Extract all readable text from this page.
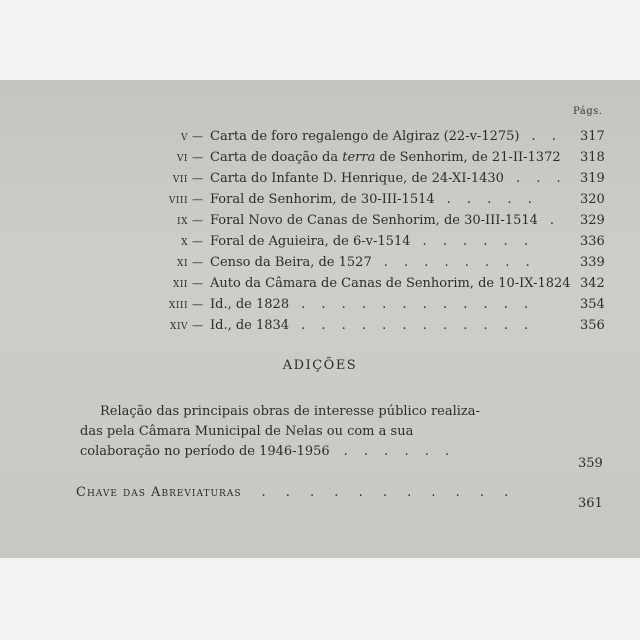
Págs.
v — Carta de foro regalengo de Algiraz (22-v-1275) . . 317
vi — Carta de doação da terra de Senhorim, de 21-II-1372 318
vii — Carta do Infante D. Henrique, de 24-XI-1430 . . . 319
viii — Foral de Senhorim, de 30-III-1514 . . . . .	320
ix — Foral Novo de Canas de Senhorim, de 30-III-1514 . 329
x — Foral de Aguieira, de 6-v-1514 . . . . . .	336
xi — Censo da Beira, de 1527 . . . . . . . .	339
xii — Auto da Câmara de Canas de Senhorim, de 10-IX-1824 342
xiii — Id., de 1828 . . . . . . . . . . . .	354
xiv — Id., de 1834 . . . . . . . . . . . .	356
ADIÇÕES
Relação das principais obras de interesse público realiza-
das pela Câmara Municipal de Nelas ou com a sua
colaboração no período de 1946-1956 . . . . . .
359
Chave das Abreviaturas . . . . . . . . . . .
361
